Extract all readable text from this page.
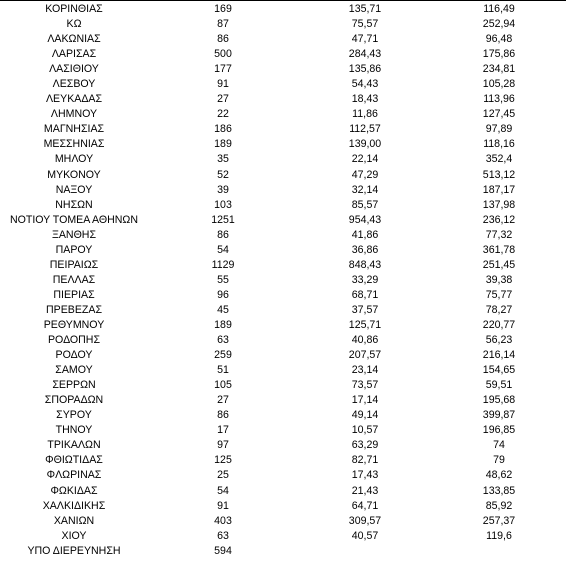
ΚΟΡΙΝΘΙΑΣ	169	135,71	116,49
ΚΩ	87	75,57	252,94
ΛΑΚΩΝΙΑΣ	86	47,71	96,48
ΛΑΡΙΣΑΣ	500	284,43	175,86
ΛΑΣΙΘΙΟΥ	177	135,86	234,81
ΛΕΣΒΟΥ	91	54,43	105,28
ΛΕΥΚΑΔΑΣ	27	18,43	113,96
ΛΗΜΝΟΥ	22	11,86	127,45
ΜΑΓΝΗΣΙΑΣ	186	112,57	97,89
ΜΕΣΣΗΝΙΑΣ	189	139,00	118,16
ΜΗΛΟΥ	35	22,14	352,4
ΜΥΚΟΝΟΥ	52	47,29	513,12
ΝΑΞΟΥ	39	32,14	187,17
ΝΗΣΩΝ	103	85,57	137,98
ΝΟΤΙΟΥ ΤΟΜΕΑ ΑΘΗΝΩΝ	1251	954,43	236,12
ΞΑΝΘΗΣ	86	41,86	77,32
ΠΑΡΟΥ	54	36,86	361,78
ΠΕΙΡΑΙΩΣ	1129	848,43	251,45
ΠΕΛΛΑΣ	55	33,29	39,38
ΠΙΕΡΙΑΣ	96	68,71	75,77
ΠΡΕΒΕΖΑΣ	45	37,57	78,27
ΡΕΘΥΜΝΟΥ	189	125,71	220,77
ΡΟΔΟΠΗΣ	63	40,86	56,23
ΡΟΔΟΥ	259	207,57	216,14
ΣΑΜΟΥ	51	23,14	154,65
ΣΕΡΡΩΝ	105	73,57	59,51
ΣΠΟΡΑΔΩΝ	27	17,14	195,68
ΣΥΡΟΥ	86	49,14	399,87
ΤΗΝΟΥ	17	10,57	196,85
ΤΡΙΚΑΛΩΝ	97	63,29	74
ΦΘΙΩΤΙΔΑΣ	125	82,71	79
ΦΛΩΡΙΝΑΣ	25	17,43	48,62
ΦΩΚΙΔΑΣ	54	21,43	133,85
ΧΑΛΚΙΔΙΚΗΣ	91	64,71	85,92
ΧΑΝΙΩΝ	403	309,57	257,37
ΧΙΟΥ	63	40,57	119,6
ΥΠΟ ΔΙΕΡΕΥΝΗΣΗ	594		
